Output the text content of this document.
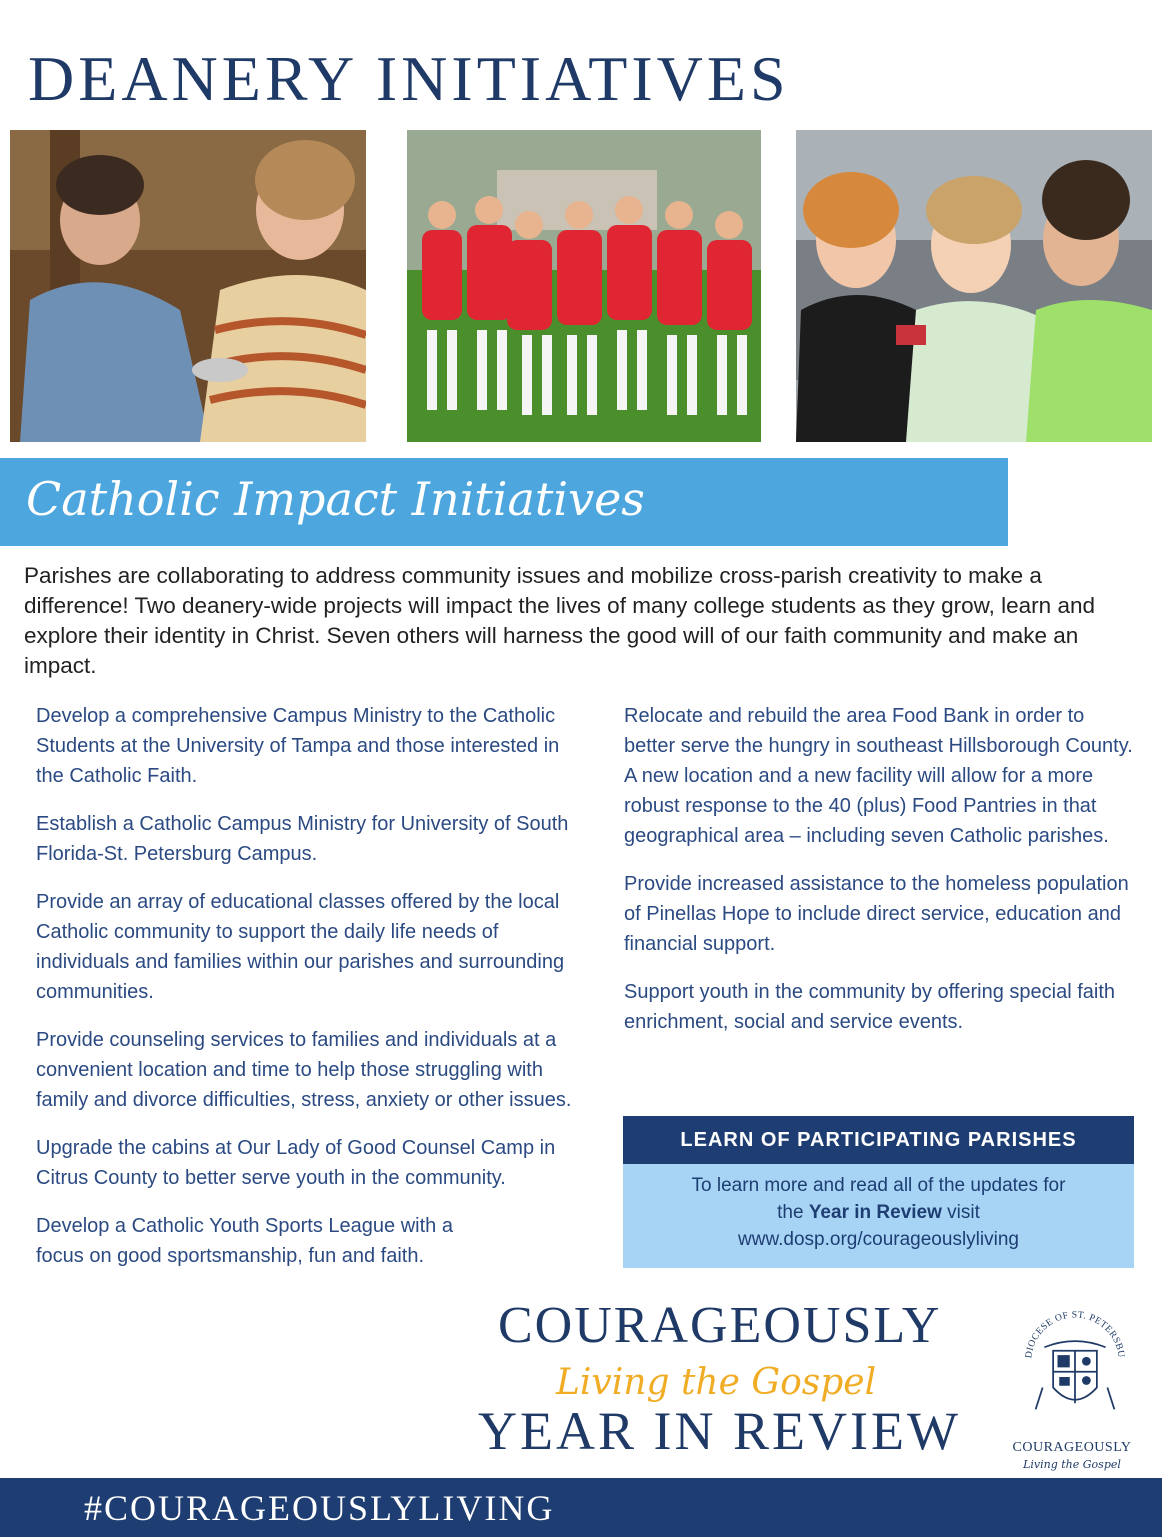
DEANERY INITIATIVES
Catholic Impact Initiatives
Parishes are collaborating to address community issues and mobilize cross-parish creativity to make a difference! Two deanery-wide projects will impact the lives of many college students as they grow, learn and explore their identity in Christ. Seven others will harness the good will of our faith community and make an impact.

Develop a comprehensive Campus Ministry to the Catholic Students at the University of Tampa and those interested in the Catholic Faith.

Establish a Catholic Campus Ministry for University of South Florida-St. Petersburg Campus.

Provide an array of educational classes offered by the local Catholic community to support the daily life needs of individuals and families within our parishes and surrounding communities.

Provide counseling services to families and individuals at a convenient location and time to help those struggling with family and divorce difficulties, stress, anxiety or other issues.

Upgrade the cabins at Our Lady of Good Counsel Camp in Citrus County to better serve youth in the community.

Develop a Catholic Youth Sports League with a focus on good sportsmanship, fun and faith.

Relocate and rebuild the area Food Bank in order to better serve the hungry in southeast Hillsborough County. A new location and a new facility will allow for a more robust response to the 40 (plus) Food Pantries in that geographical area – including seven Catholic parishes.

Provide increased assistance to the homeless population of Pinellas Hope to include direct service, education and financial support.

Support youth in the community by offering special faith enrichment, social and service events.

LEARN OF PARTICIPATING PARISHES
To learn more and read all of the updates for
the Year in Review visit
www.dosp.org/courageouslyliving
COURAGEOUSLY
Living the Gospel
YEAR IN REVIEW
DIOCESE OF ST. PETERSBU
COURAGEOUSLY
Living the Gospel
#COURAGEOUSLYLIVING
